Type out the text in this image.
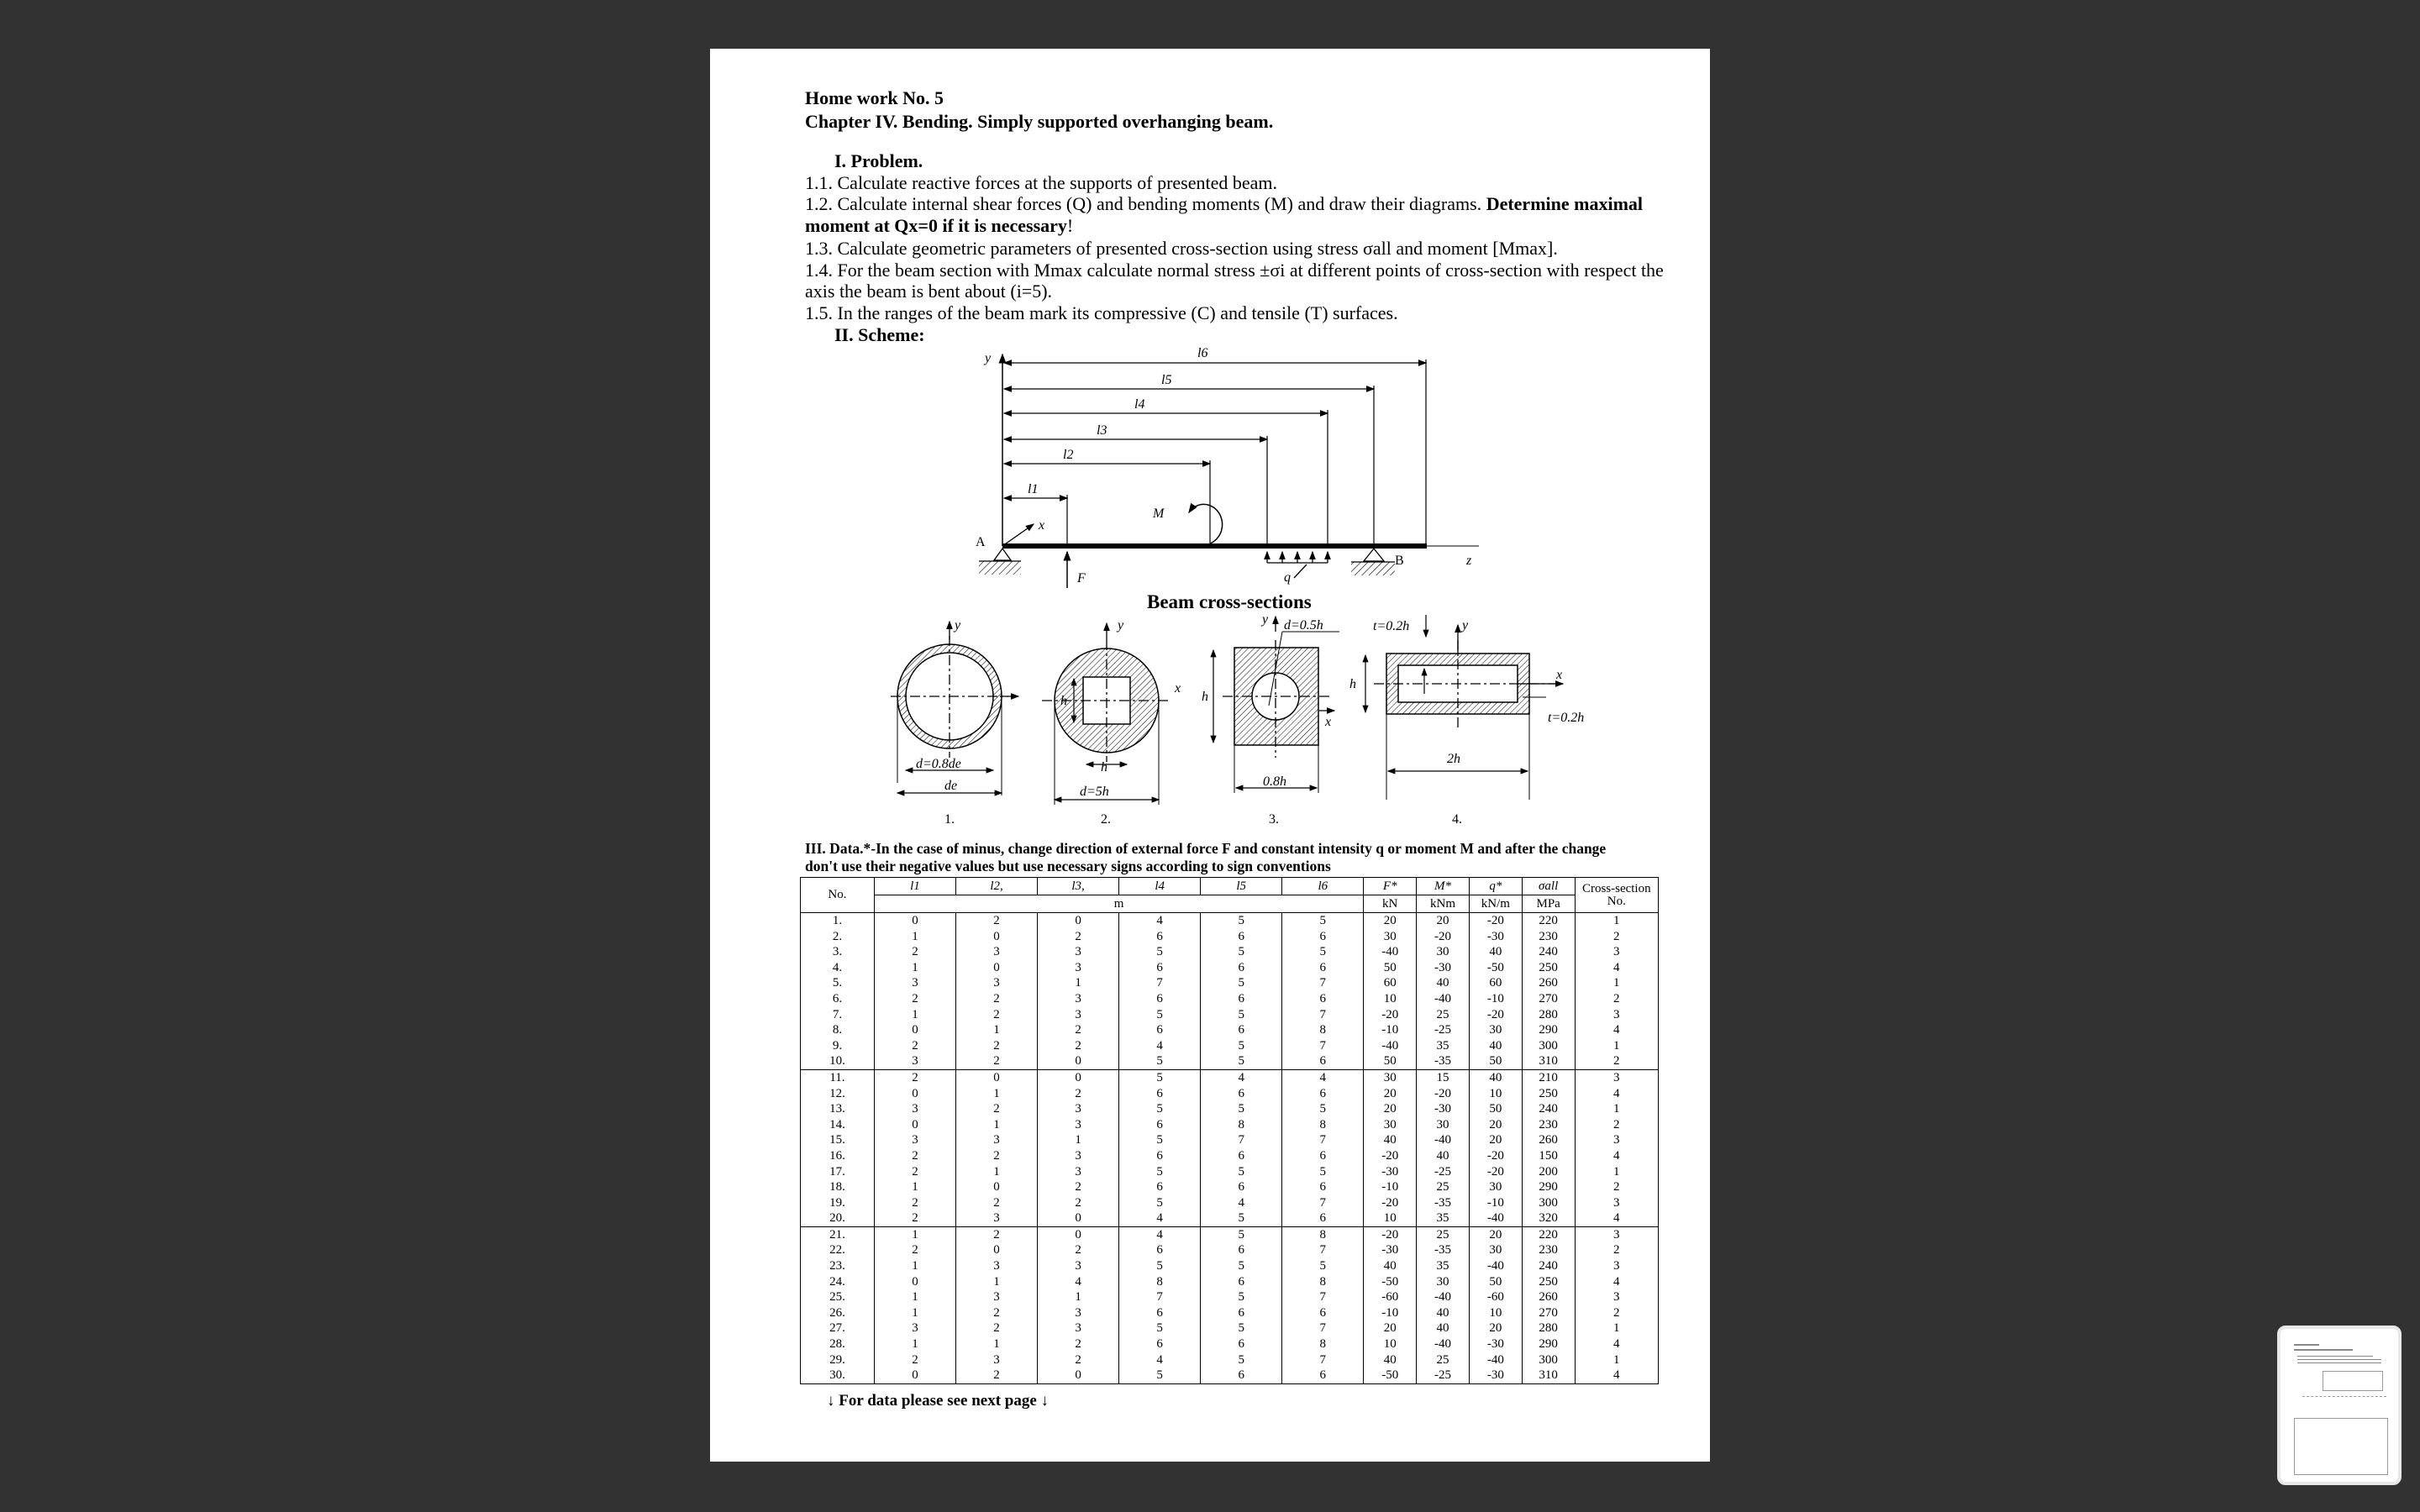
Home work No. 5
Chapter IV. Bending. Simply supported overhanging beam.
I. Problem.
1.1. Calculate reactive forces at the supports of presented beam.
1.2. Calculate internal shear forces (Q) and bending moments (M) and draw their diagrams. Determine maximal
moment at Qx=0 if it is necessary!
1.3. Calculate geometric parameters of presented cross-section using stress σall and moment [Mmax].
1.4. For the beam section with Mmax calculate normal stress ±σi at different points of cross-section with respect the
axis the beam is bent about (i=5).
1.5. In the ranges of the beam mark its compressive (C) and tensile (T) surfaces.
II. Scheme:
y	l6
l5
l4
l3
l2
l1
z
x
A
B
F
M
q
Beam cross-sections
y
d=0.8de
de
1.
y
x
h
h
d=5h
2.
y
x
d=0.5h
h
0.8h
3.
y
x
t=0.2h
t=0.2h
h
2h
4.
III. Data.*-In the case of minus, change direction of external force F and constant intensity q or moment M and after the change
don't use their negative values but use necessary signs according to sign conventions
No.	l1	l2,	l3,	l4	l5	l6	F*	M*	q*	σall	Cross-section No.
	m						kN	kNm	kN/m	MPa	
1.	0	2	0	4	5	5	20	20	-20	220	1
2.	1	0	2	6	6	6	30	-20	-30	230	2
3.	2	3	3	5	5	5	-40	30	40	240	3
4.	1	0	3	6	6	6	50	-30	-50	250	4
5.	3	3	1	7	5	7	60	40	60	260	1
6.	2	2	3	6	6	6	10	-40	-10	270	2
7.	1	2	3	5	5	7	-20	25	-20	280	3
8.	0	1	2	6	6	8	-10	-25	30	290	4
9.	2	2	2	4	5	7	-40	35	40	300	1
10.	3	2	0	5	5	6	50	-35	50	310	2
11.	2	0	0	5	4	4	30	15	40	210	3
12.	0	1	2	6	6	6	20	-20	10	250	4
13.	3	2	3	5	5	5	20	-30	50	240	1
14.	0	1	3	6	8	8	30	30	20	230	2
15.	3	3	1	5	7	7	40	-40	20	260	3
16.	2	2	3	6	6	6	-20	40	-20	150	4
17.	2	1	3	5	5	5	-30	-25	-20	200	1
18.	1	0	2	6	6	6	-10	25	30	290	2
19.	2	2	2	5	4	7	-20	-35	-10	300	3
20.	2	3	0	4	5	6	10	35	-40	320	4
21.	1	2	0	4	5	8	-20	25	20	220	3
22.	2	0	2	6	6	7	-30	-35	30	230	2
23.	1	3	3	5	5	5	40	35	-40	240	3
24.	0	1	4	8	6	8	-50	30	50	250	4
25.	1	3	1	7	5	7	-60	-40	-60	260	3
26.	1	2	3	6	6	6	-10	40	10	270	2
27.	3	2	3	5	5	7	20	40	20	280	1
28.	1	1	2	6	6	8	10	-40	-30	290	4
29.	2	3	2	4	5	7	40	25	-40	300	1
30.	0	2	0	5	6	6	-50	-25	-30	310	4
↓ For data please see next page ↓
